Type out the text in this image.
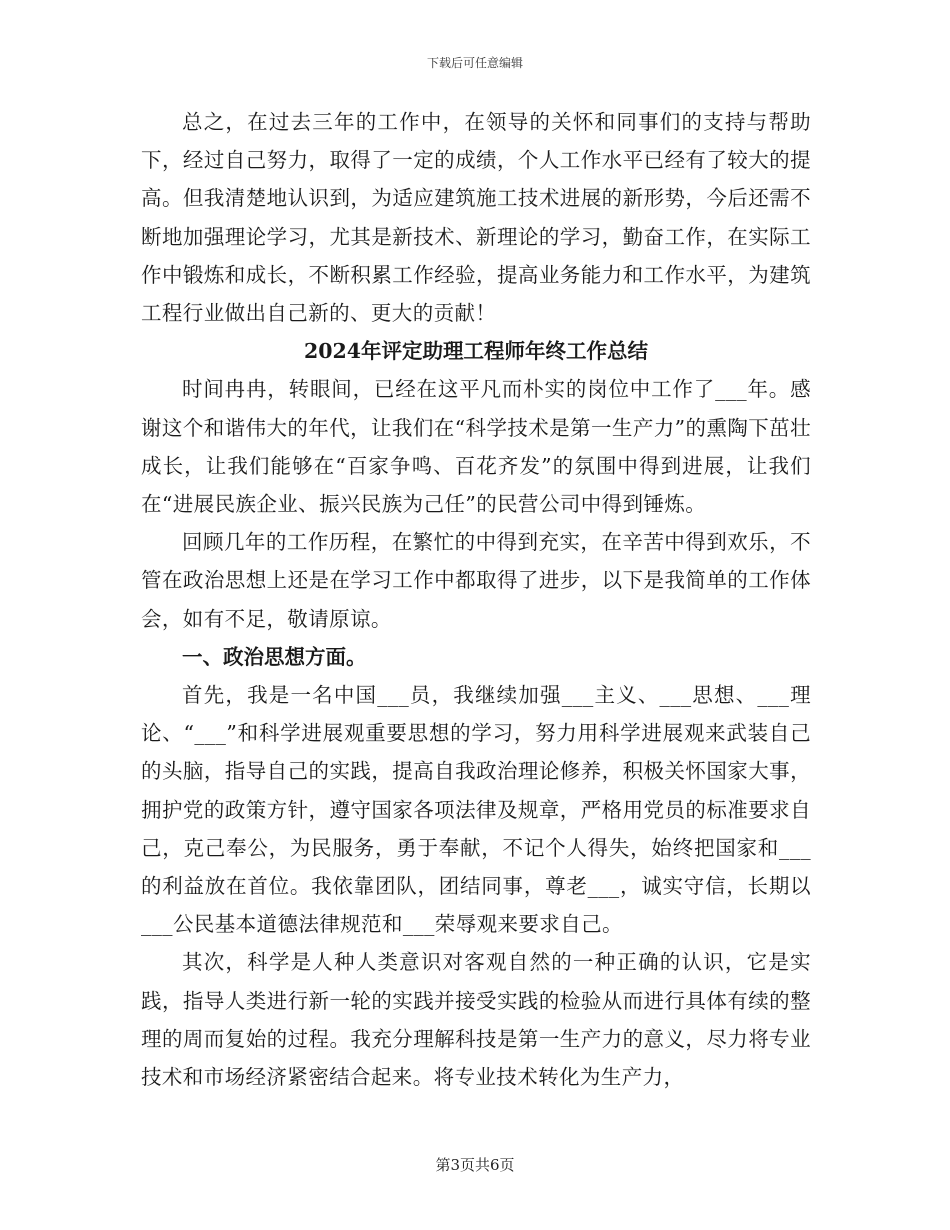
下载后可任意编辑

总之，在过去三年的工作中，在领导的关怀和同事们的支持与帮助下，经过自己努力，取得了一定的成绩，个人工作水平已经有了较大的提高。但我清楚地认识到，为适应建筑施工技术进展的新形势，今后还需不断地加强理论学习，尤其是新技术、新理论的学习，勤奋工作，在实际工作中锻炼和成长，不断积累工作经验，提高业务能力和工作水平，为建筑工程行业做出自己新的、更大的贡献！

2024年评定助理工程师年终工作总结

时间冉冉，转眼间，已经在这平凡而朴实的岗位中工作了___年。感谢这个和谐伟大的年代，让我们在“科学技术是第一生产力”的熏陶下茁壮成长，让我们能够在“百家争鸣、百花齐发”的氛围中得到进展，让我们在“进展民族企业、振兴民族为己任”的民营公司中得到锤炼。

回顾几年的工作历程，在繁忙的中得到充实，在辛苦中得到欢乐，不管在政治思想上还是在学习工作中都取得了进步，以下是我简单的工作体会，如有不足，敬请原谅。

一、政治思想方面。

首先，我是一名中国___员，我继续加强___主义、___思想、___理论、“___”和科学进展观重要思想的学习，努力用科学进展观来武装自己的头脑，指导自己的实践，提高自我政治理论修养，积极关怀国家大事，拥护党的政策方针，遵守国家各项法律及规章，严格用党员的标准要求自己，克己奉公，为民服务，勇于奉献，不记个人得失，始终把国家和___的利益放在首位。我依靠团队，团结同事，尊老___，诚实守信，长期以___公民基本道德法律规范和___荣辱观来要求自己。

其次，科学是人种人类意识对客观自然的一种正确的认识，它是实践，指导人类进行新一轮的实践并接受实践的检验从而进行具体有续的整理的周而复始的过程。我充分理解科技是第一生产力的意义，尽力将专业技术和市场经济紧密结合起来。将专业技术转化为生产力，

第3页共6页
